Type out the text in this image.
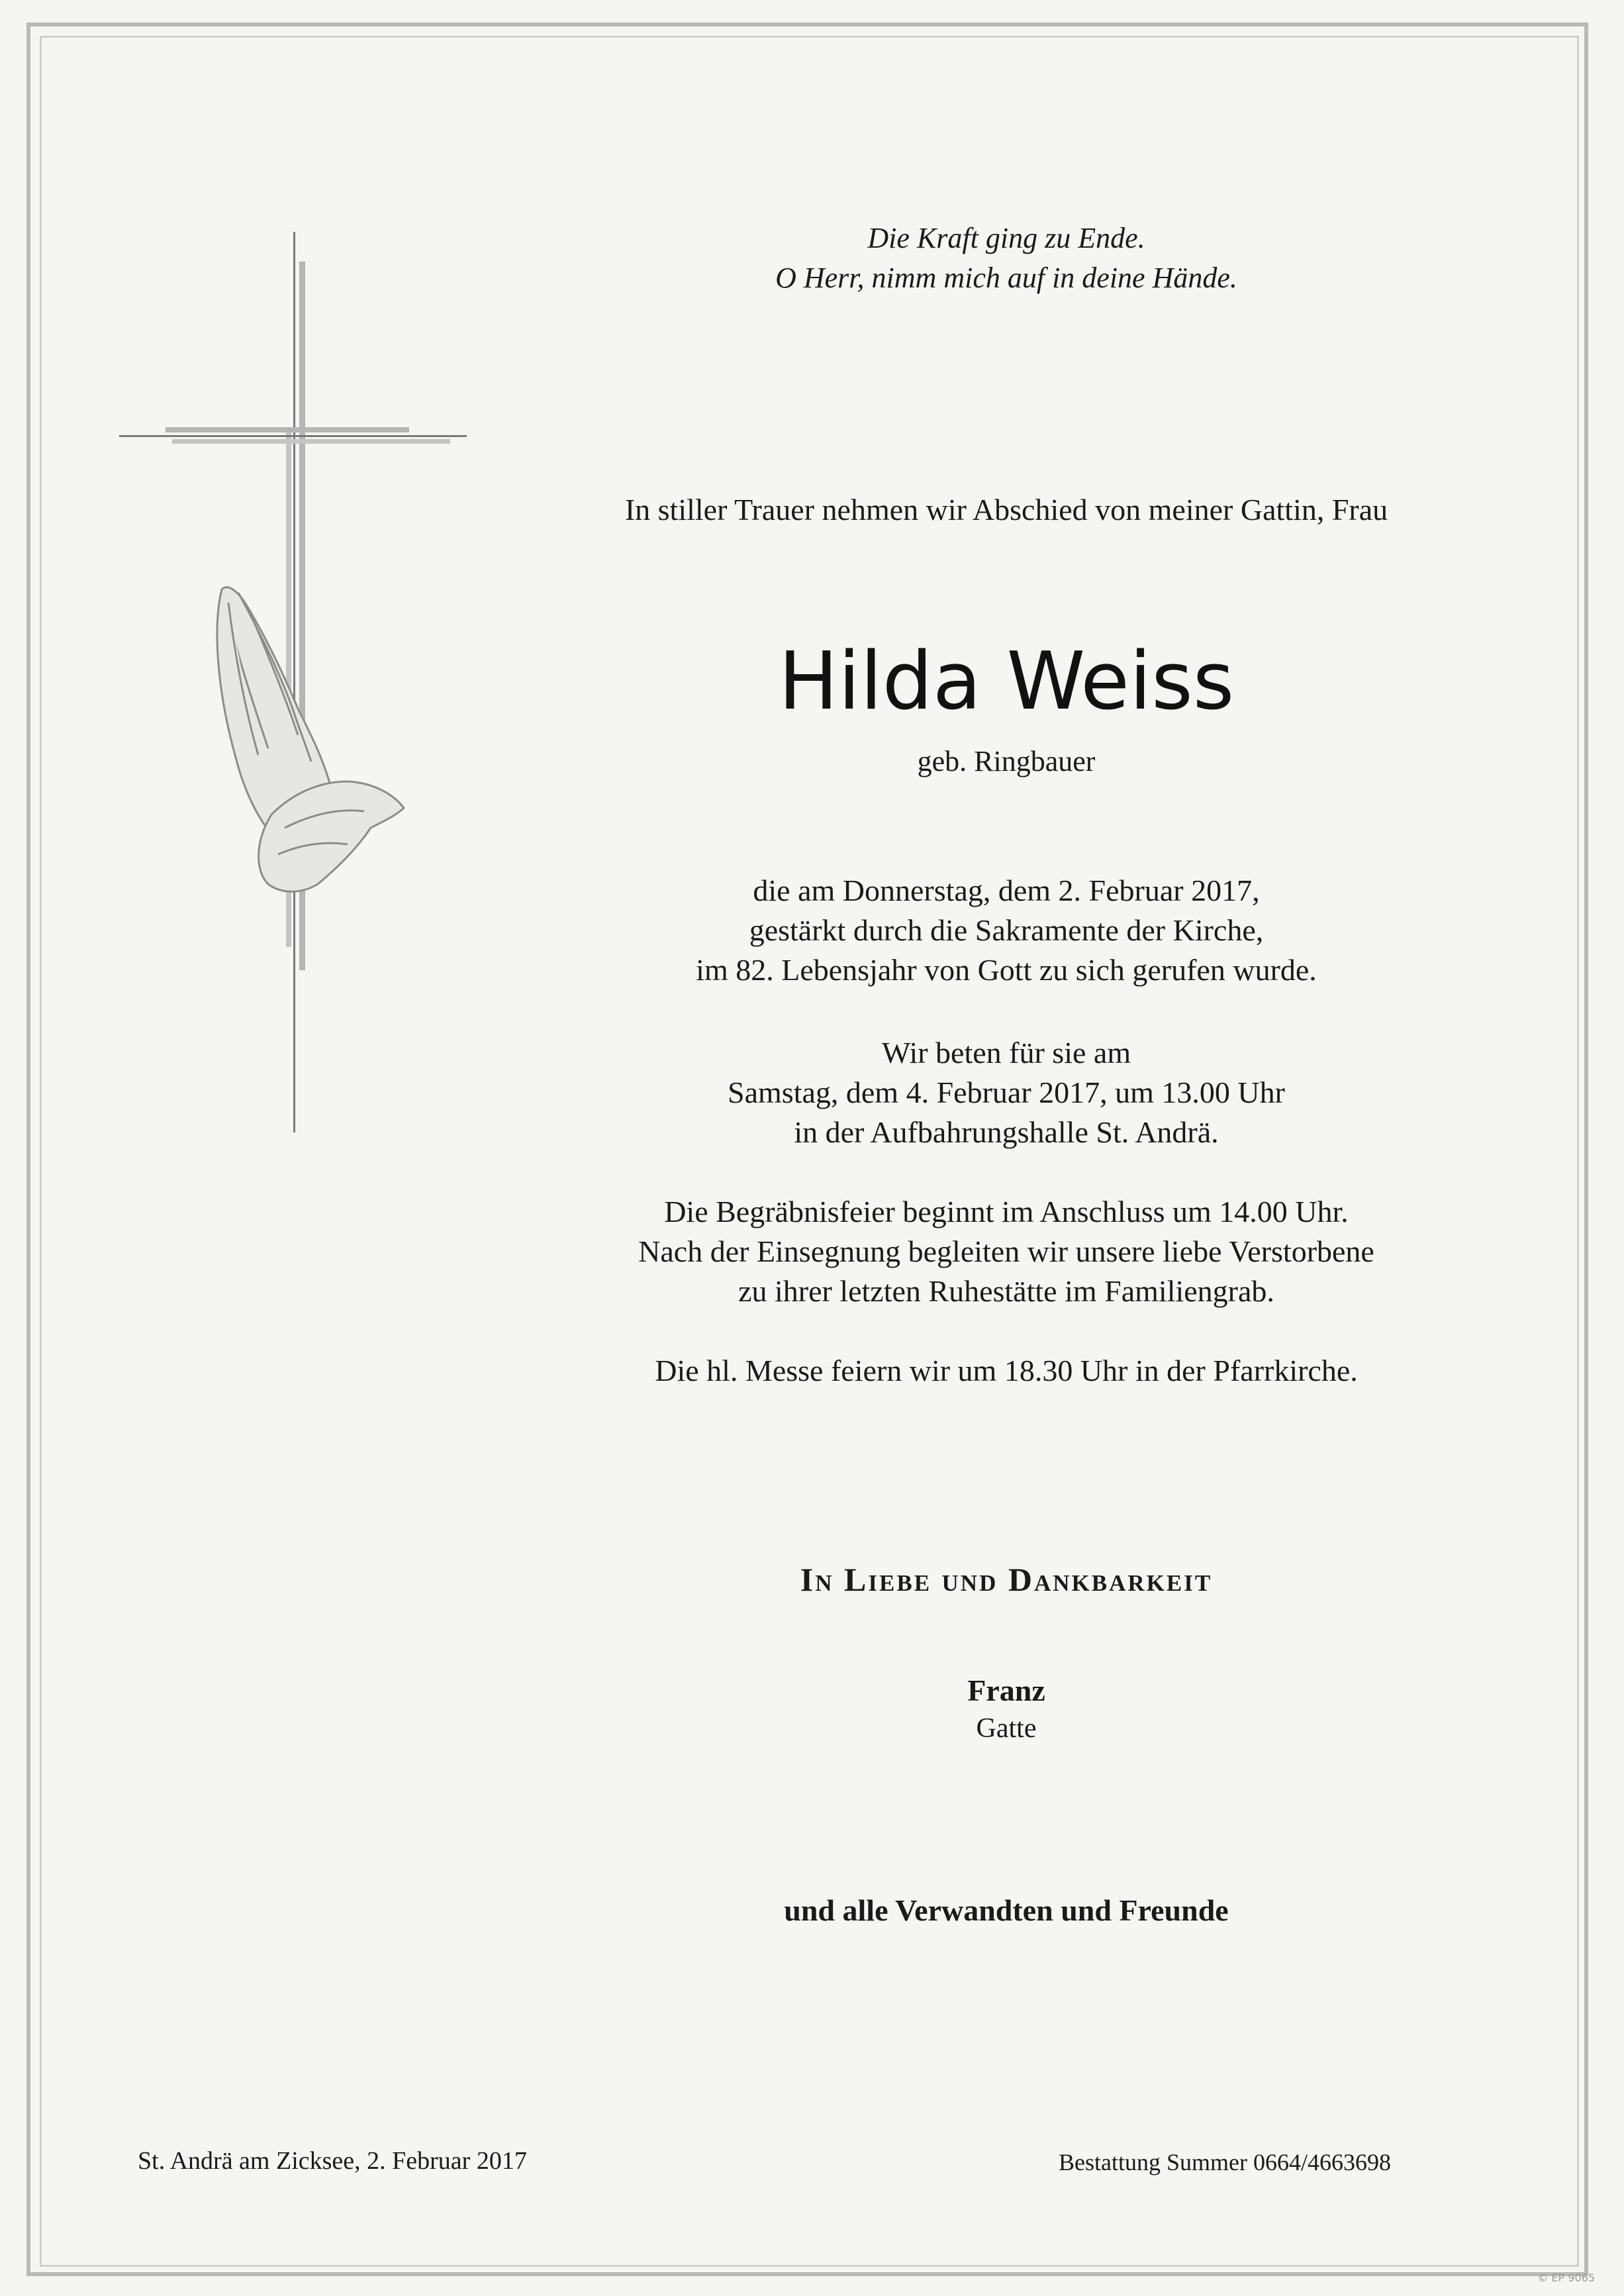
Die Kraft ging zu Ende.
O Herr, nimm mich auf in deine Hände.
In stiller Trauer nehmen wir Abschied von meiner Gattin, Frau
Hilda Weiss
geb. Ringbauer
die am Donnerstag, dem 2. Februar 2017,
gestärkt durch die Sakramente der Kirche,
im 82. Lebensjahr von Gott zu sich gerufen wurde.
Wir beten für sie am
Samstag, dem 4. Februar 2017, um 13.00 Uhr
in der Aufbahrungshalle St. Andrä.
Die Begräbnisfeier beginnt im Anschluss um 14.00 Uhr.
Nach der Einsegnung begleiten wir unsere liebe Verstorbene
zu ihrer letzten Ruhestätte im Familiengrab.
Die hl. Messe feiern wir um 18.30 Uhr in der Pfarrkirche.
In Liebe und Dankbarkeit
Franz
Gatte
und alle Verwandten und Freunde
St. Andrä am Zicksee, 2. Februar 2017	Bestattung Summer 0664/4663698
© EP 9065
